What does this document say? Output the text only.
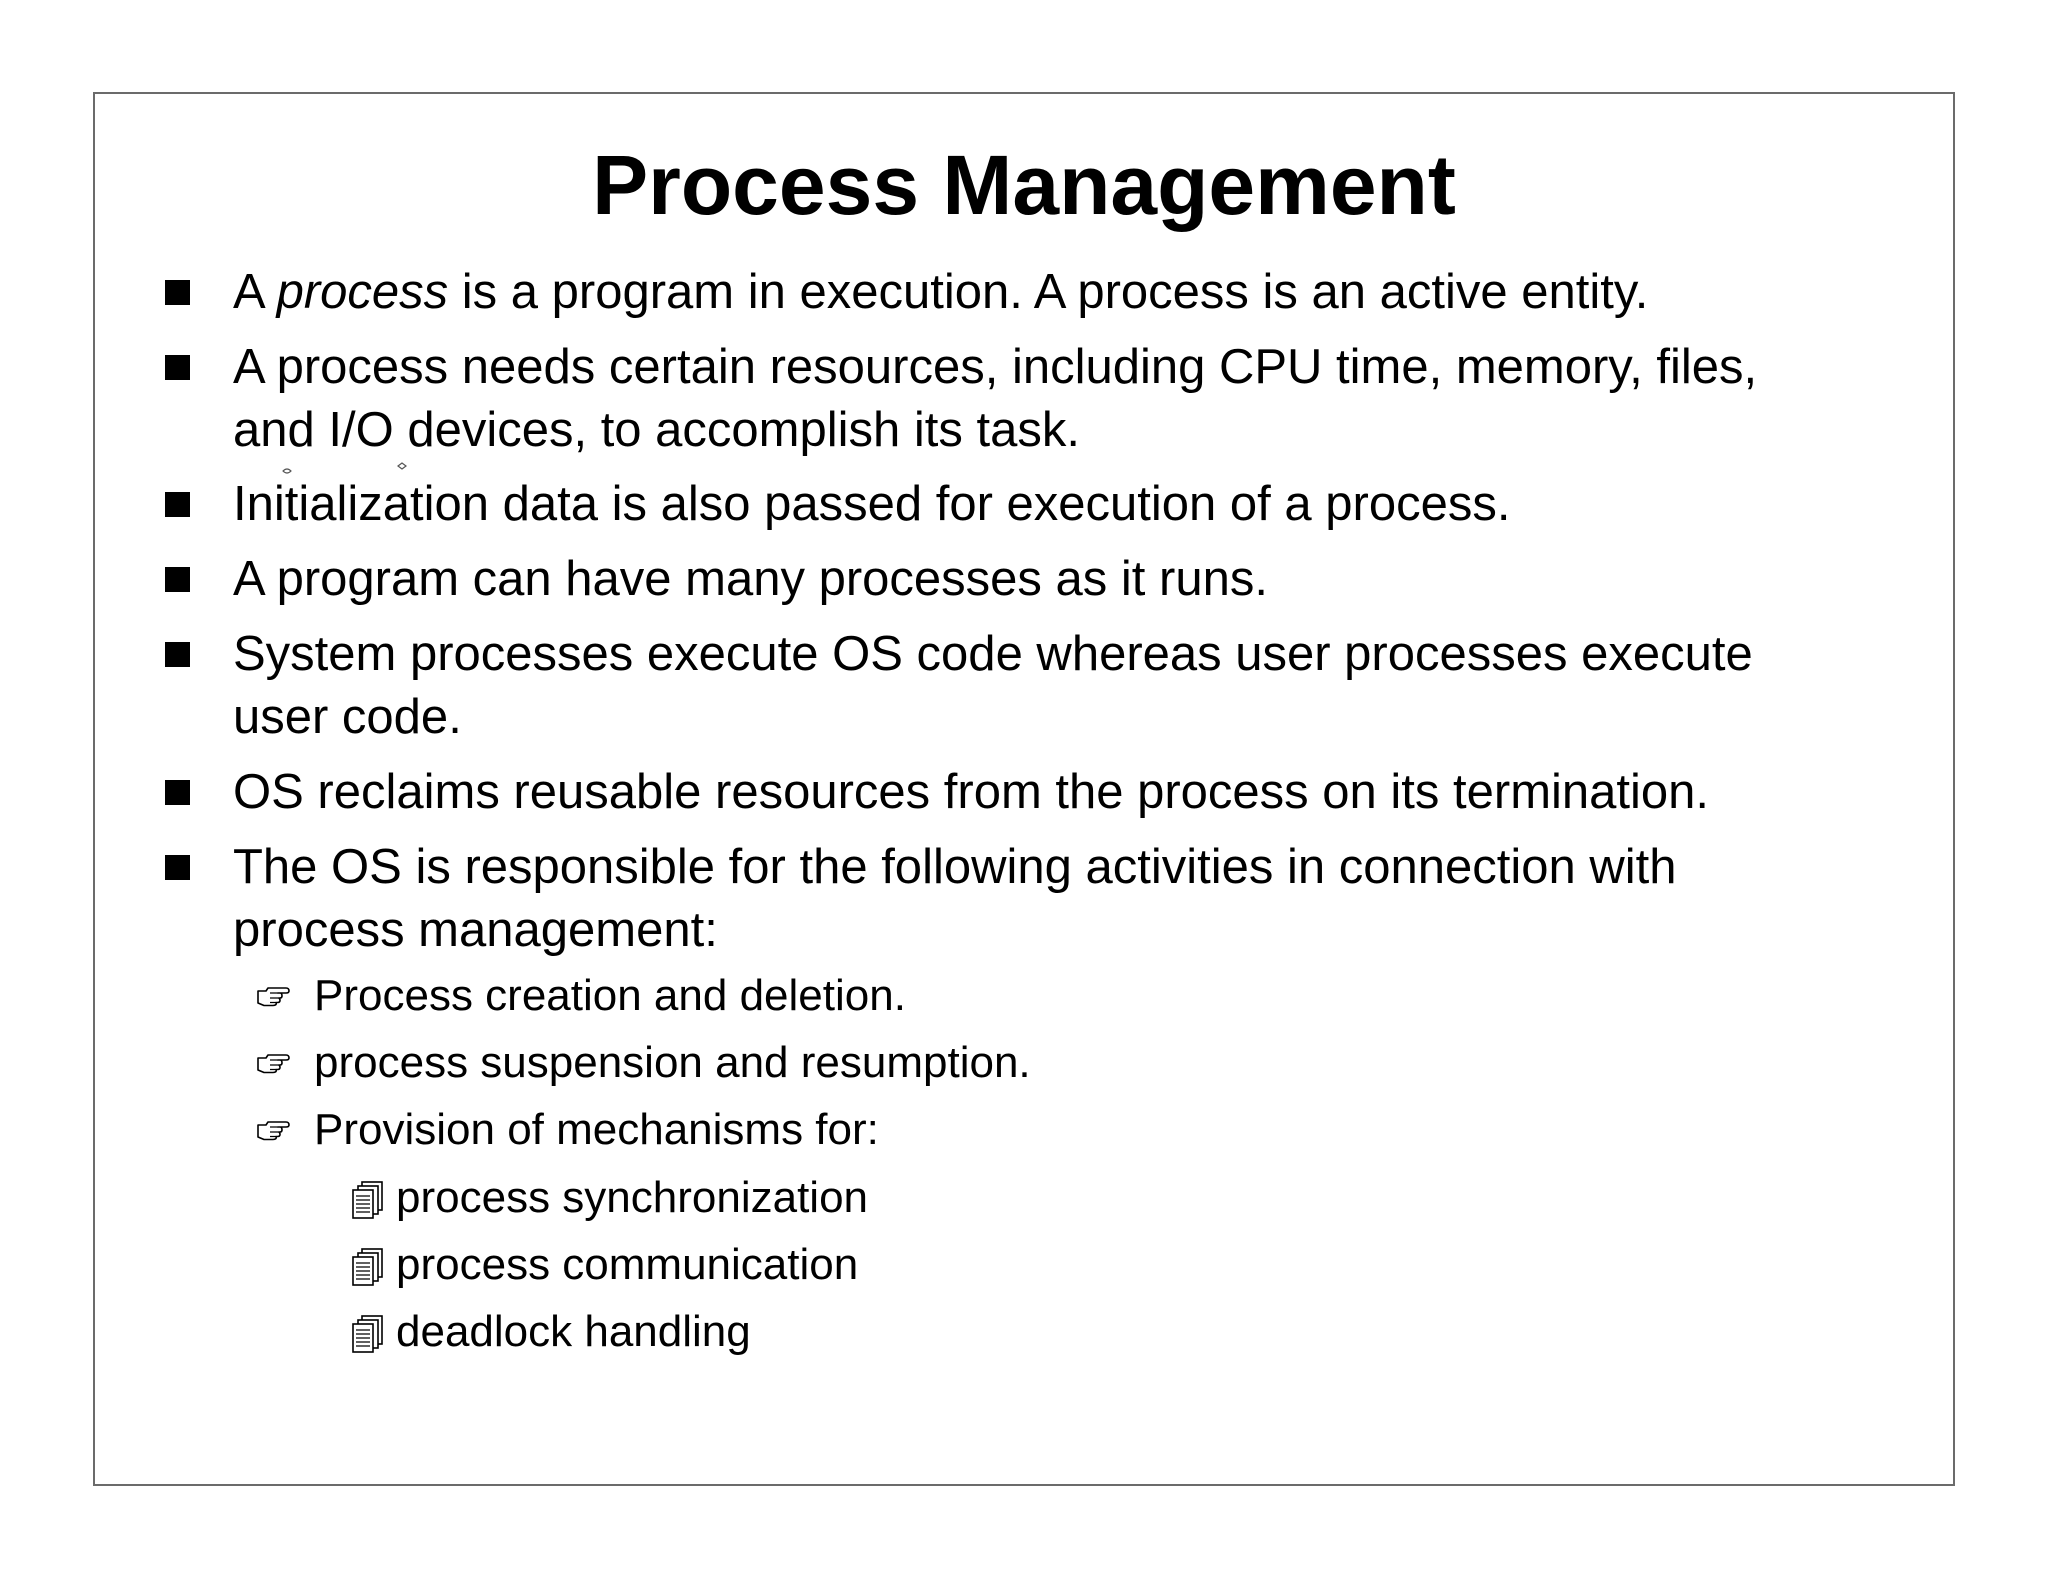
Process Management
A process is a program in execution. A process is an active entity.
A process needs certain resources, including CPU time, memory, files,
and I/O devices, to accomplish its task.
Initialization data is also passed for execution of a process.
A program can have many processes as it runs.
System processes execute OS code whereas user processes execute
user code.
OS reclaims reusable resources from the process on its termination.
The OS is responsible for the following activities in connection with
process management:
Process creation and deletion.
process suspension and resumption.
Provision of mechanisms for:
process synchronization
process communication
deadlock handling
